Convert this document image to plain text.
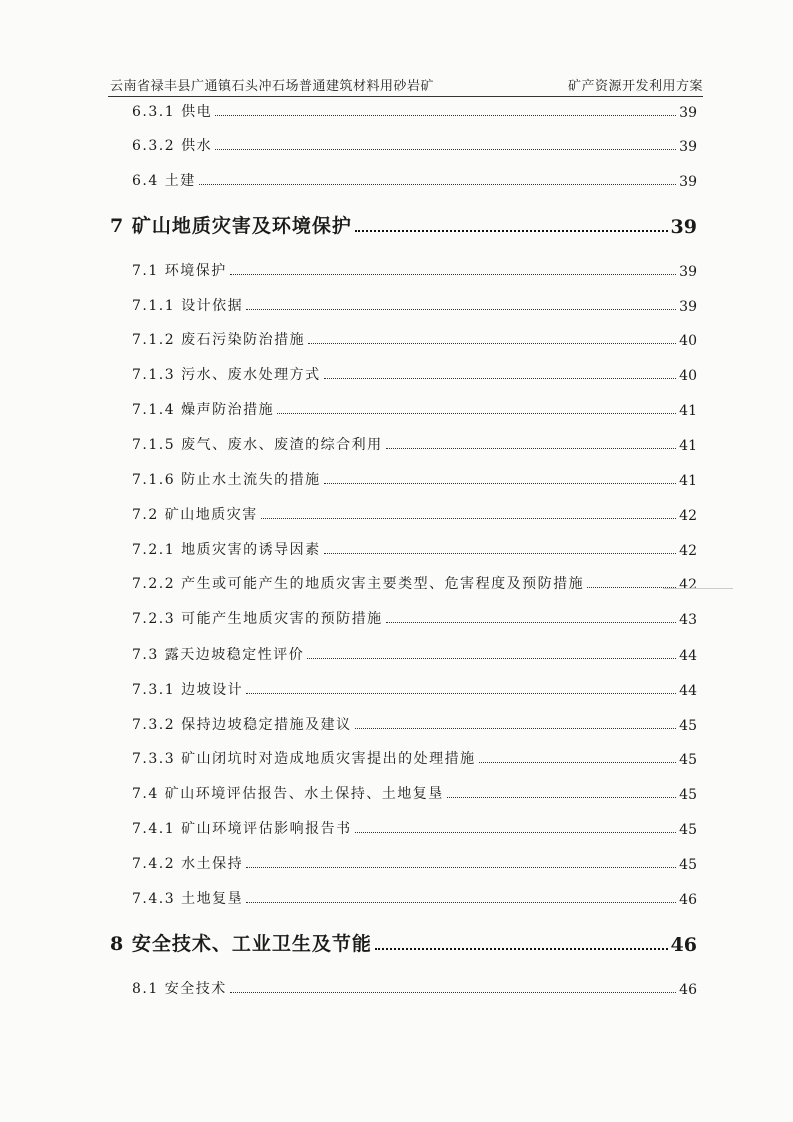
云南省禄丰县广通镇石头冲石场普通建筑材料用砂岩矿	矿产资源开发利用方案
6.3.1 供电	39
6.3.2 供水	39
6.4 土建	39
7 矿山地质灾害及环境保护	39
7.1 环境保护	39
7.1.1 设计依据	39
7.1.2 废石污染防治措施	40
7.1.3 污水、废水处理方式	40
7.1.4 燥声防治措施	41
7.1.5 废气、废水、废渣的综合利用	41
7.1.6 防止水土流失的措施	41
7.2 矿山地质灾害	42
7.2.1 地质灾害的诱导因素	42
7.2.2 产生或可能产生的地质灾害主要类型、危害程度及预防措施	42
7.2.3 可能产生地质灾害的预防措施	43
7.3 露天边坡稳定性评价	44
7.3.1 边坡设计	44
7.3.2 保持边坡稳定措施及建议	45
7.3.3 矿山闭坑时对造成地质灾害提出的处理措施	45
7.4 矿山环境评估报告、水土保持、土地复垦	45
7.4.1 矿山环境评估影响报告书	45
7.4.2 水土保持	45
7.4.3 土地复垦	46
8 安全技术、工业卫生及节能	46
8.1 安全技术	46
